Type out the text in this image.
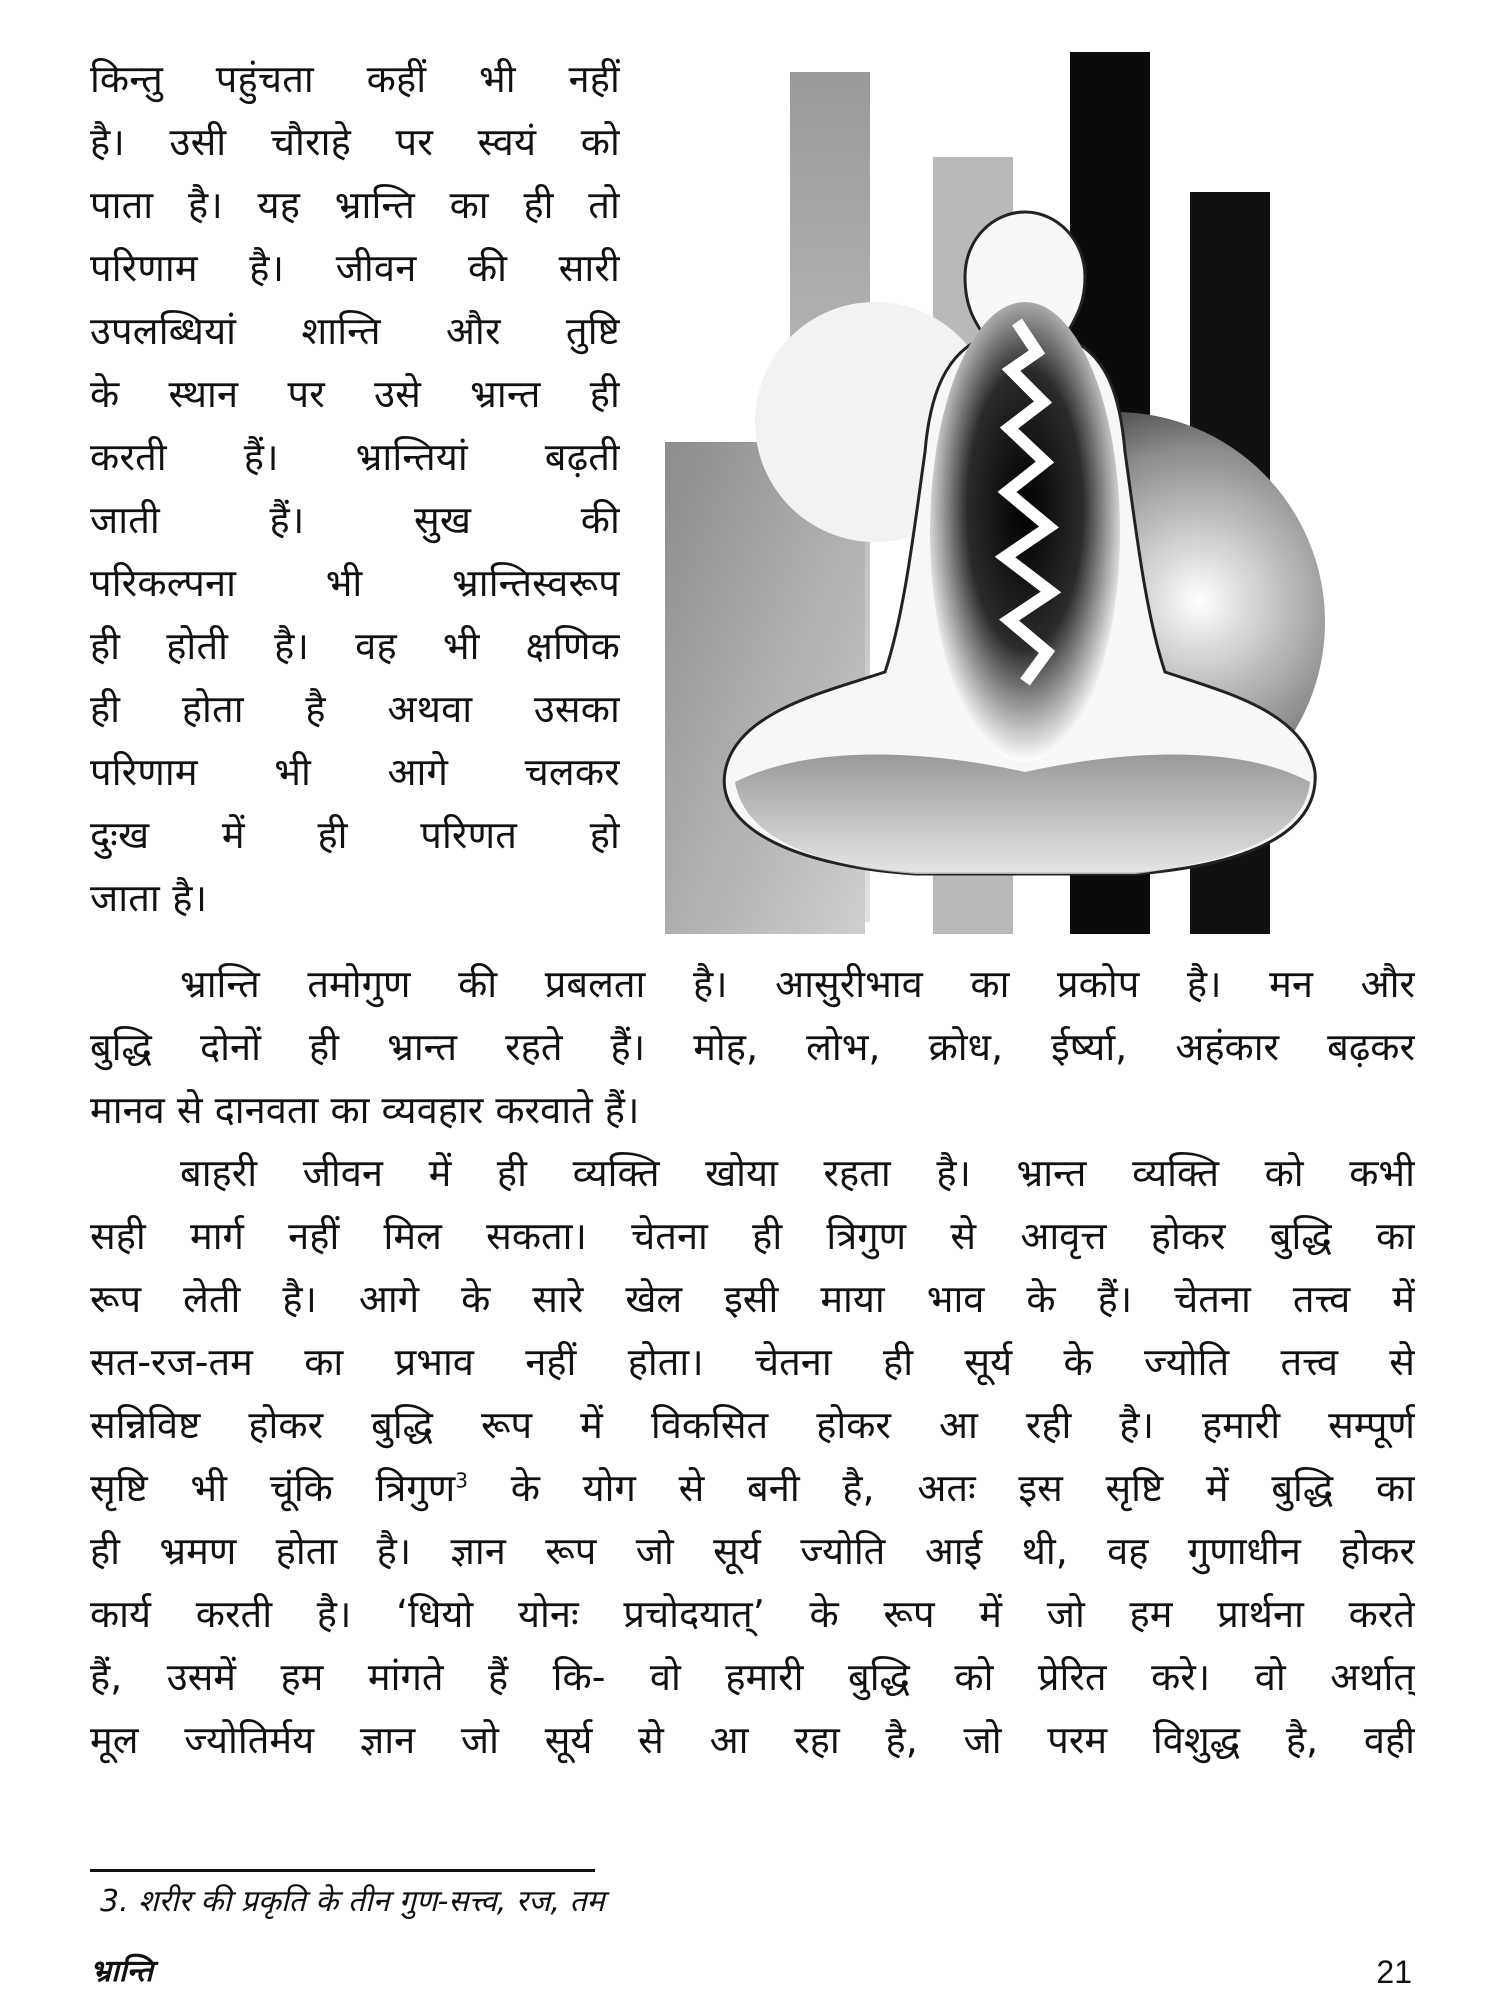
किन्तु पहुंचता कहीं भी नहीं
है। उसी चौराहे पर स्वयं को
पाता है। यह भ्रान्ति का ही तो
परिणाम है। जीवन की सारी
उपलब्धियां शान्ति और तुष्टि
के स्थान पर उसे भ्रान्त ही
करती हैं। भ्रान्तियां बढ़ती
जाती हैं। सुख की
परिकल्पना भी भ्रान्तिस्वरूप
ही होती है। वह भी क्षणिक
ही होता है अथवा उसका
परिणाम भी आगे चलकर
दुःख में ही परिणत हो
जाता है।
भ्रान्ति तमोगुण की प्रबलता है। आसुरीभाव का प्रकोप है। मन और
बुद्धि दोनों ही भ्रान्त रहते हैं। मोह, लोभ, क्रोध, ईर्ष्या, अहंकार बढ़कर
मानव से दानवता का व्यवहार करवाते हैं।
बाहरी जीवन में ही व्यक्ति खोया रहता है। भ्रान्त व्यक्ति को कभी
सही मार्ग नहीं मिल सकता। चेतना ही त्रिगुण से आवृत्त होकर बुद्धि का
रूप लेती है। आगे के सारे खेल इसी माया भाव के हैं। चेतना तत्त्व में
सत-रज-तम का प्रभाव नहीं होता। चेतना ही सूर्य के ज्योति तत्त्व से
सन्निविष्ट होकर बुद्धि रूप में विकसित होकर आ रही है। हमारी सम्पूर्ण
सृष्टि भी चूंकि त्रिगुण$^3$ के योग से बनी है, अतः इस सृष्टि में बुद्धि का
ही भ्रमण होता है। ज्ञान रूप जो सूर्य ज्योति आई थी, वह गुणाधीन होकर
कार्य करती है। ‘धियो योनः प्रचोदयात्’ के रूप में जो हम प्रार्थना करते
हैं, उसमें हम मांगते हैं कि- वो हमारी बुद्धि को प्रेरित करे। वो अर्थात्
मूल ज्योतिर्मय ज्ञान जो सूर्य से आ रहा है, जो परम विशुद्ध है, वही
3. शरीर की प्रकृति के तीन गुण-सत्त्व, रज, तम
भ्रान्ति	21
